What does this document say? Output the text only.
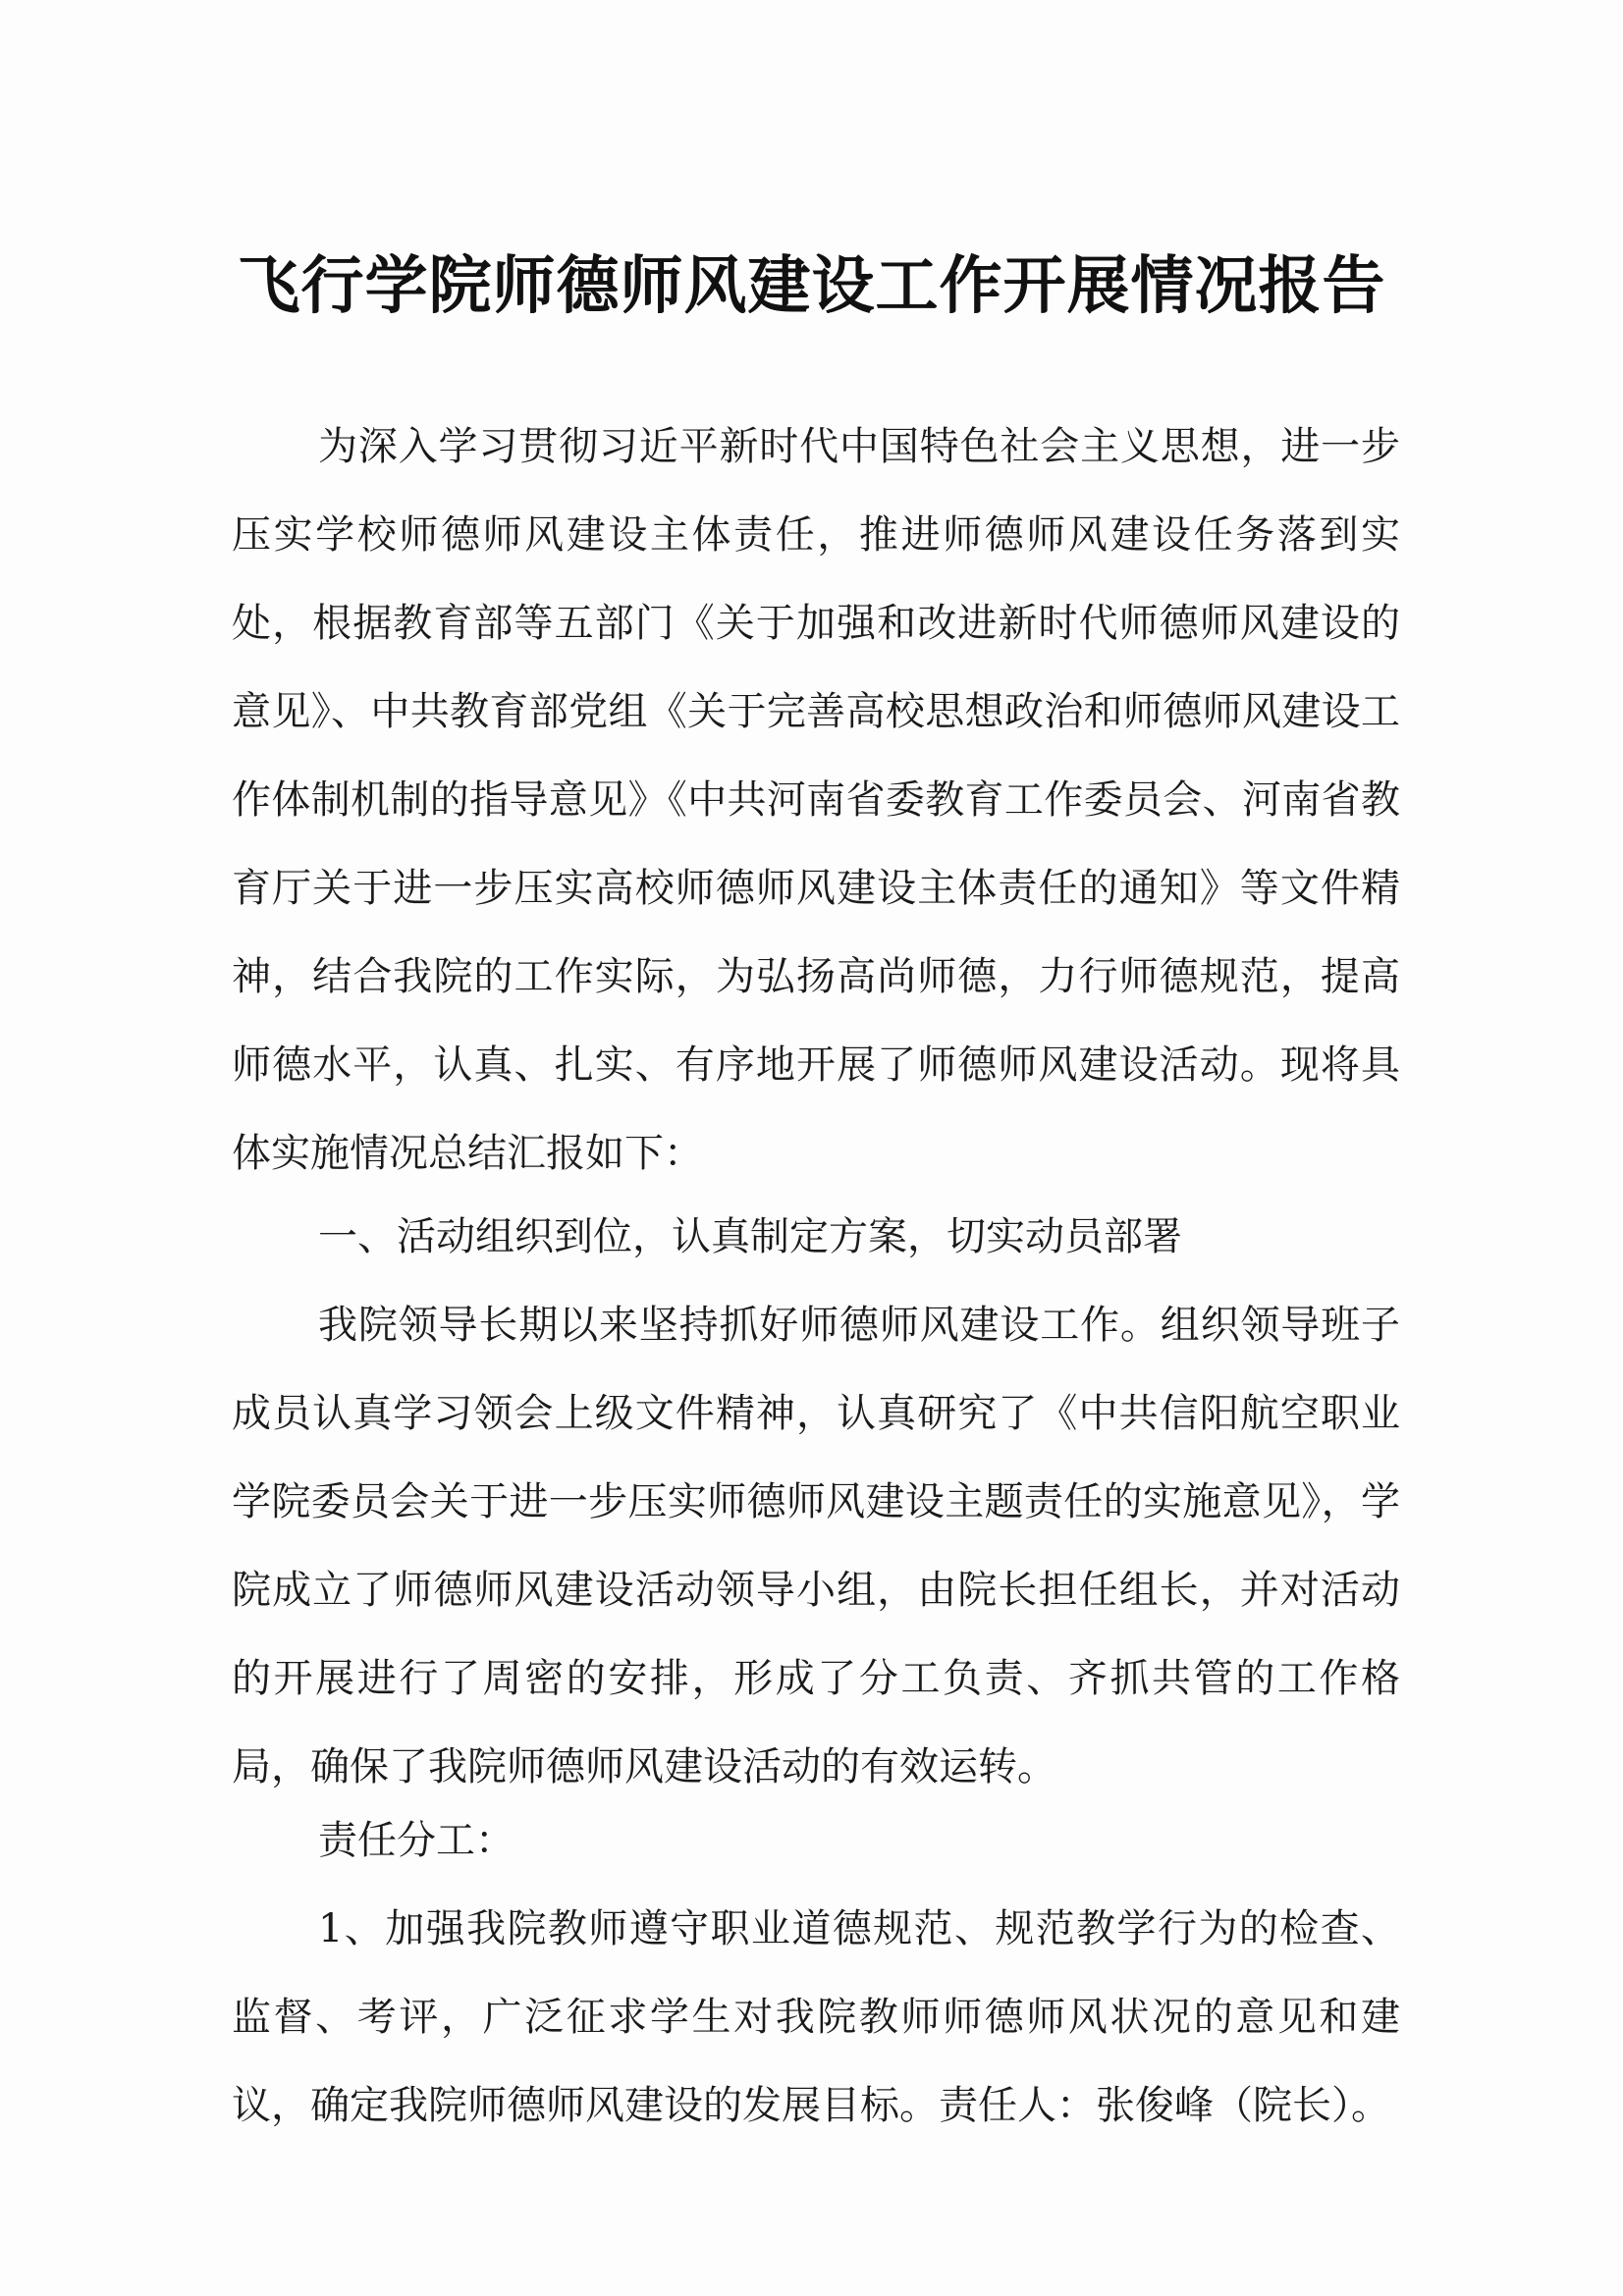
飞行学院师德师风建设工作开展情况报告
为深入学习贯彻习近平新时代中国特色社会主义思想，进一步压实学校师德师风建设主体责任，推进师德师风建设任务落到实处，根据教育部等五部门《关于加强和改进新时代师德师风建设的意见》、中共教育部党组《关于完善高校思想政治和师德师风建设工作体制机制的指导意见》《中共河南省委教育工作委员会、河南省教育厅关于进一步压实高校师德师风建设主体责任的通知》等文件精神，结合我院的工作实际，为弘扬高尚师德，力行师德规范，提高师德水平，认真、扎实、有序地开展了师德师风建设活动。现将具体实施情况总结汇报如下：
一、活动组织到位，认真制定方案，切实动员部署
我院领导长期以来坚持抓好师德师风建设工作。组织领导班子成员认真学习领会上级文件精神，认真研究了《中共信阳航空职业学院委员会关于进一步压实师德师风建设主题责任的实施意见》，学院成立了师德师风建设活动领导小组，由院长担任组长，并对活动的开展进行了周密的安排，形成了分工负责、齐抓共管的工作格局，确保了我院师德师风建设活动的有效运转。
责任分工：
1、加强我院教师遵守职业道德规范、规范教学行为的检查、监督、考评，广泛征求学生对我院教师师德师风状况的意见和建议，确定我院师德师风建设的发展目标。责任人：张俊峰（院长）。
